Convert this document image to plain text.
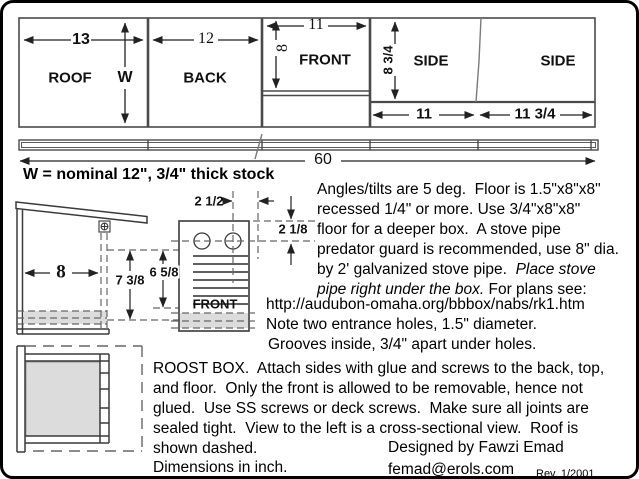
13
ROOF W	BACK
12
11
8
FRONT 8 3/4 SIDE	SIDE
11	11 3/4
60
W = nominal 12", 3/4" thick stock
8	7 3/8
6 5/8
2 1/2
2 1/8
FRONT
Angles/tilts are 5 deg.  Floor is 1.5"x8"x8"
recessed 1/4" or more. Use 3/4"x8"x8"
floor for a deeper box.  A stove pipe
predator guard is recommended, use 8" dia.
by 2' galvanized stove pipe.  Place stove
pipe right under the box. For plans see:
http://audubon-omaha.org/bbbox/nabs/rk1.htm
Note two entrance holes, 1.5" diameter.
Grooves inside, 3/4" apart under holes.
ROOST BOX.  Attach sides with glue and screws to the back, top,
and floor.  Only the front is allowed to be removable, hence not
glued.  Use SS screws or deck screws.  Make sure all joints are
sealed tight.  View to the left is a cross-sectional view.  Roof is
shown dashed.
Dimensions in inch.
Designed by Fawzi Emad
femad@erols.com Rev. 1/2001
